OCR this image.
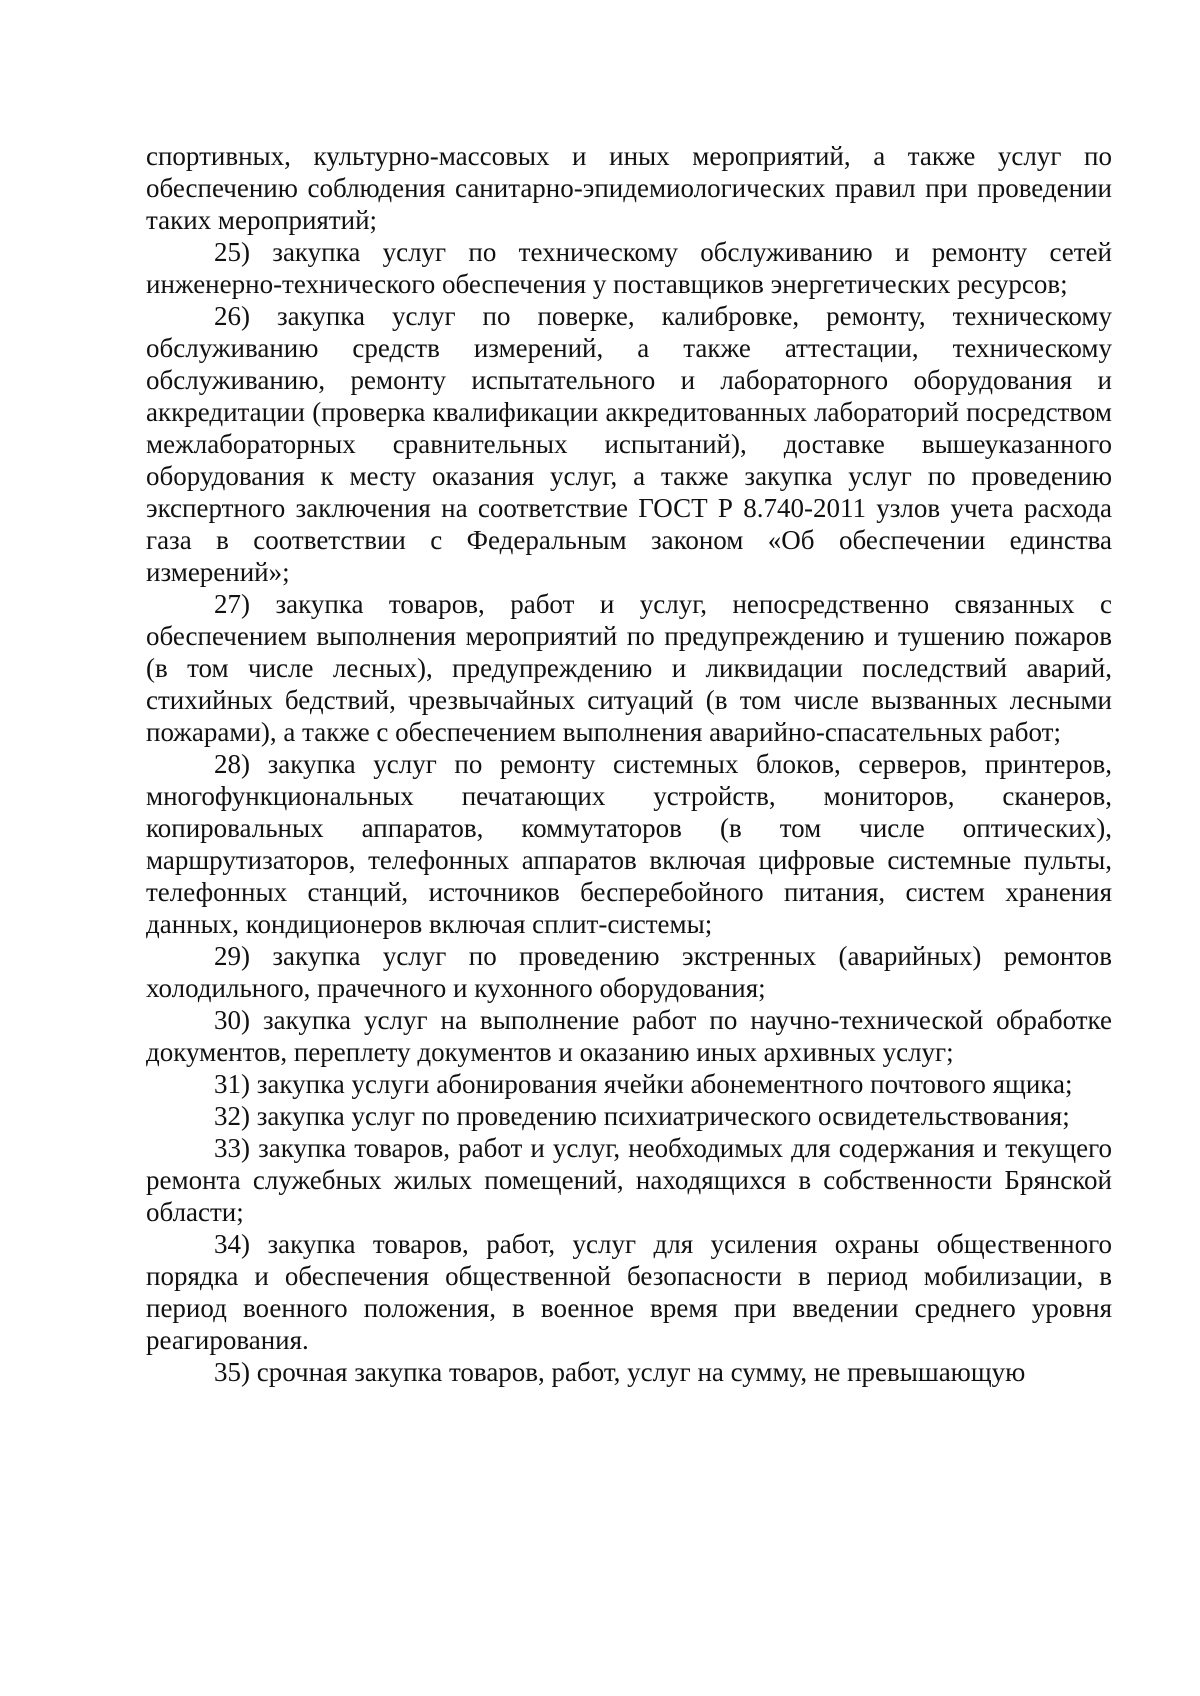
спортивных, культурно-массовых и иных мероприятий, а также услуг по обеспечению соблюдения санитарно-эпидемиологических правил при проведении таких мероприятий;

25) закупка услуг по техническому обслуживанию и ремонту сетей инженерно-технического обеспечения у поставщиков энергетических ресурсов;

26) закупка услуг по поверке, калибровке, ремонту, техническому обслуживанию средств измерений, а также аттестации, техническому обслуживанию, ремонту испытательного и лабораторного оборудования и аккредитации (проверка квалификации аккредитованных лабораторий посредством межлабораторных сравнительных испытаний), доставке вышеуказанного оборудования к месту оказания услуг, а также закупка услуг по проведению экспертного заключения на соответствие ГОСТ Р 8.740-2011 узлов учета расхода газа в соответствии с Федеральным законом «Об обеспечении единства измерений»;

27) закупка товаров, работ и услуг, непосредственно связанных с обеспечением выполнения мероприятий по предупреждению и тушению пожаров (в том числе лесных), предупреждению и ликвидации последствий аварий, стихийных бедствий, чрезвычайных ситуаций (в том числе вызванных лесными пожарами), а также с обеспечением выполнения аварийно-спасательных работ;

28) закупка услуг по ремонту системных блоков, серверов, принтеров, многофункциональных печатающих устройств, мониторов, сканеров, копировальных аппаратов, коммутаторов (в том числе оптических), маршрутизаторов, телефонных аппаратов включая цифровые системные пульты, телефонных станций, источников бесперебойного питания, систем хранения данных, кондиционеров включая сплит-системы;

29) закупка услуг по проведению экстренных (аварийных) ремонтов холодильного, прачечного и кухонного оборудования;

30) закупка услуг на выполнение работ по научно-технической обработке документов, переплету документов и оказанию иных архивных услуг;

31) закупка услуги абонирования ячейки абонементного почтового ящика;

32) закупка услуг по проведению психиатрического освидетельствования;

33) закупка товаров, работ и услуг, необходимых для содержания и текущего ремонта служебных жилых помещений, находящихся в собственности Брянской области;

34) закупка товаров, работ, услуг для усиления охраны общественного порядка и обеспечения общественной безопасности в период мобилизации, в период военного положения, в военное время при введении среднего уровня реагирования.

35) срочная закупка товаров, работ, услуг на сумму, не превышающую
